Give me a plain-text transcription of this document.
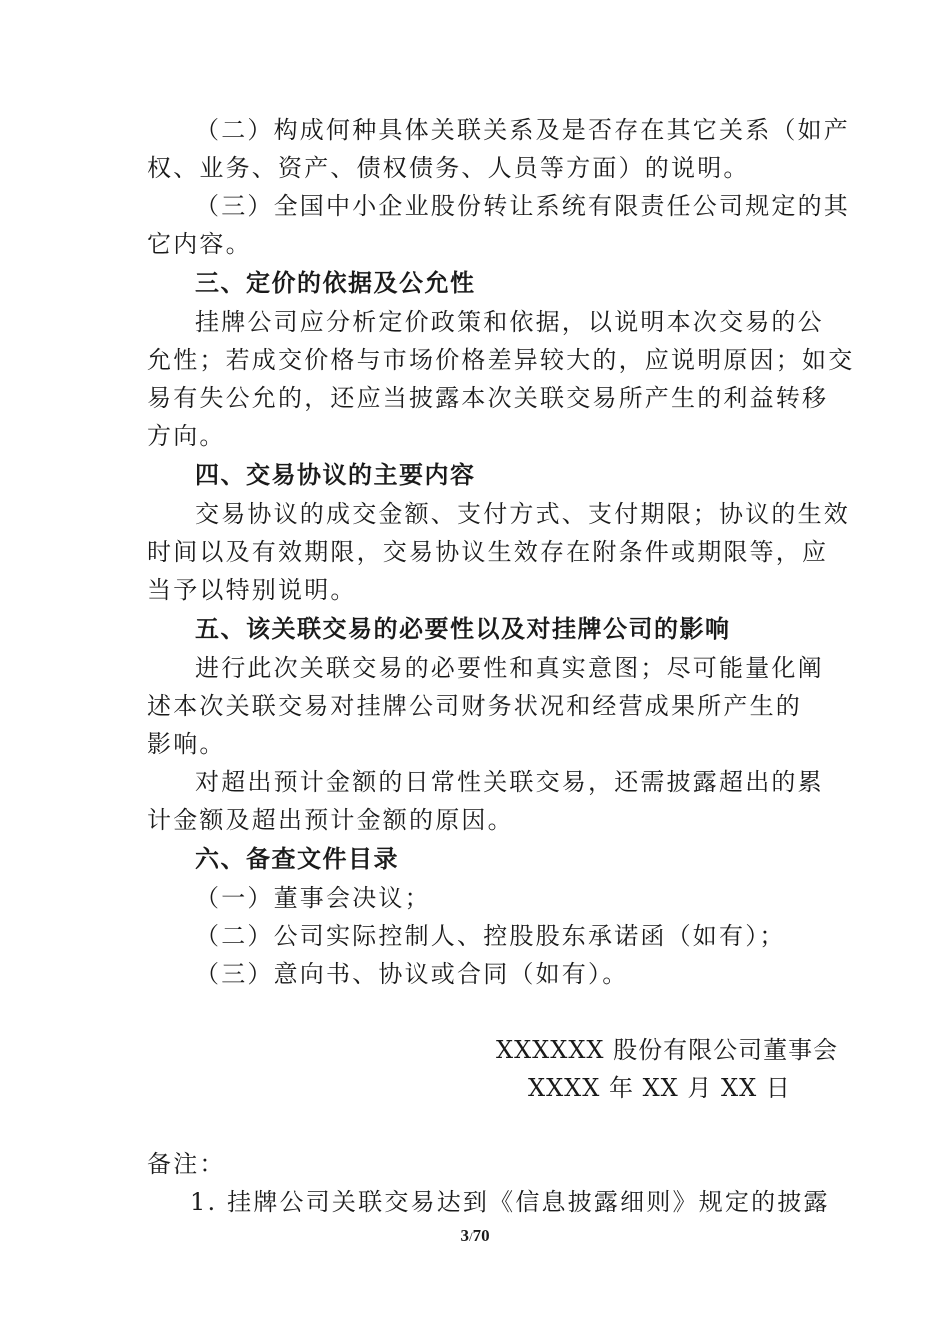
（二）构成何种具体关联关系及是否存在其它关系（如产
权、业务、资产、债权债务、人员等方面）的说明。
（三）全国中小企业股份转让系统有限责任公司规定的其
它内容。
三、定价的依据及公允性
挂牌公司应分析定价政策和依据，以说明本次交易的公
允性；若成交价格与市场价格差异较大的，应说明原因；如交
易有失公允的，还应当披露本次关联交易所产生的利益转移
方向。
四、交易协议的主要内容
交易协议的成交金额、支付方式、支付期限；协议的生效
时间以及有效期限，交易协议生效存在附条件或期限等，应
当予以特别说明。
五、该关联交易的必要性以及对挂牌公司的影响
进行此次关联交易的必要性和真实意图；尽可能量化阐
述本次关联交易对挂牌公司财务状况和经营成果所产生的
影响。
对超出预计金额的日常性关联交易，还需披露超出的累
计金额及超出预计金额的原因。
六、备查文件目录
（一）董事会决议；
（二）公司实际控制人、控股股东承诺函（如有）；
（三）意向书、协议或合同（如有）。
XXXXXX 股份有限公司董事会
XXXX 年 XX 月 XX 日
备注：
1. 挂牌公司关联交易达到《信息披露细则》规定的披露
3/70
